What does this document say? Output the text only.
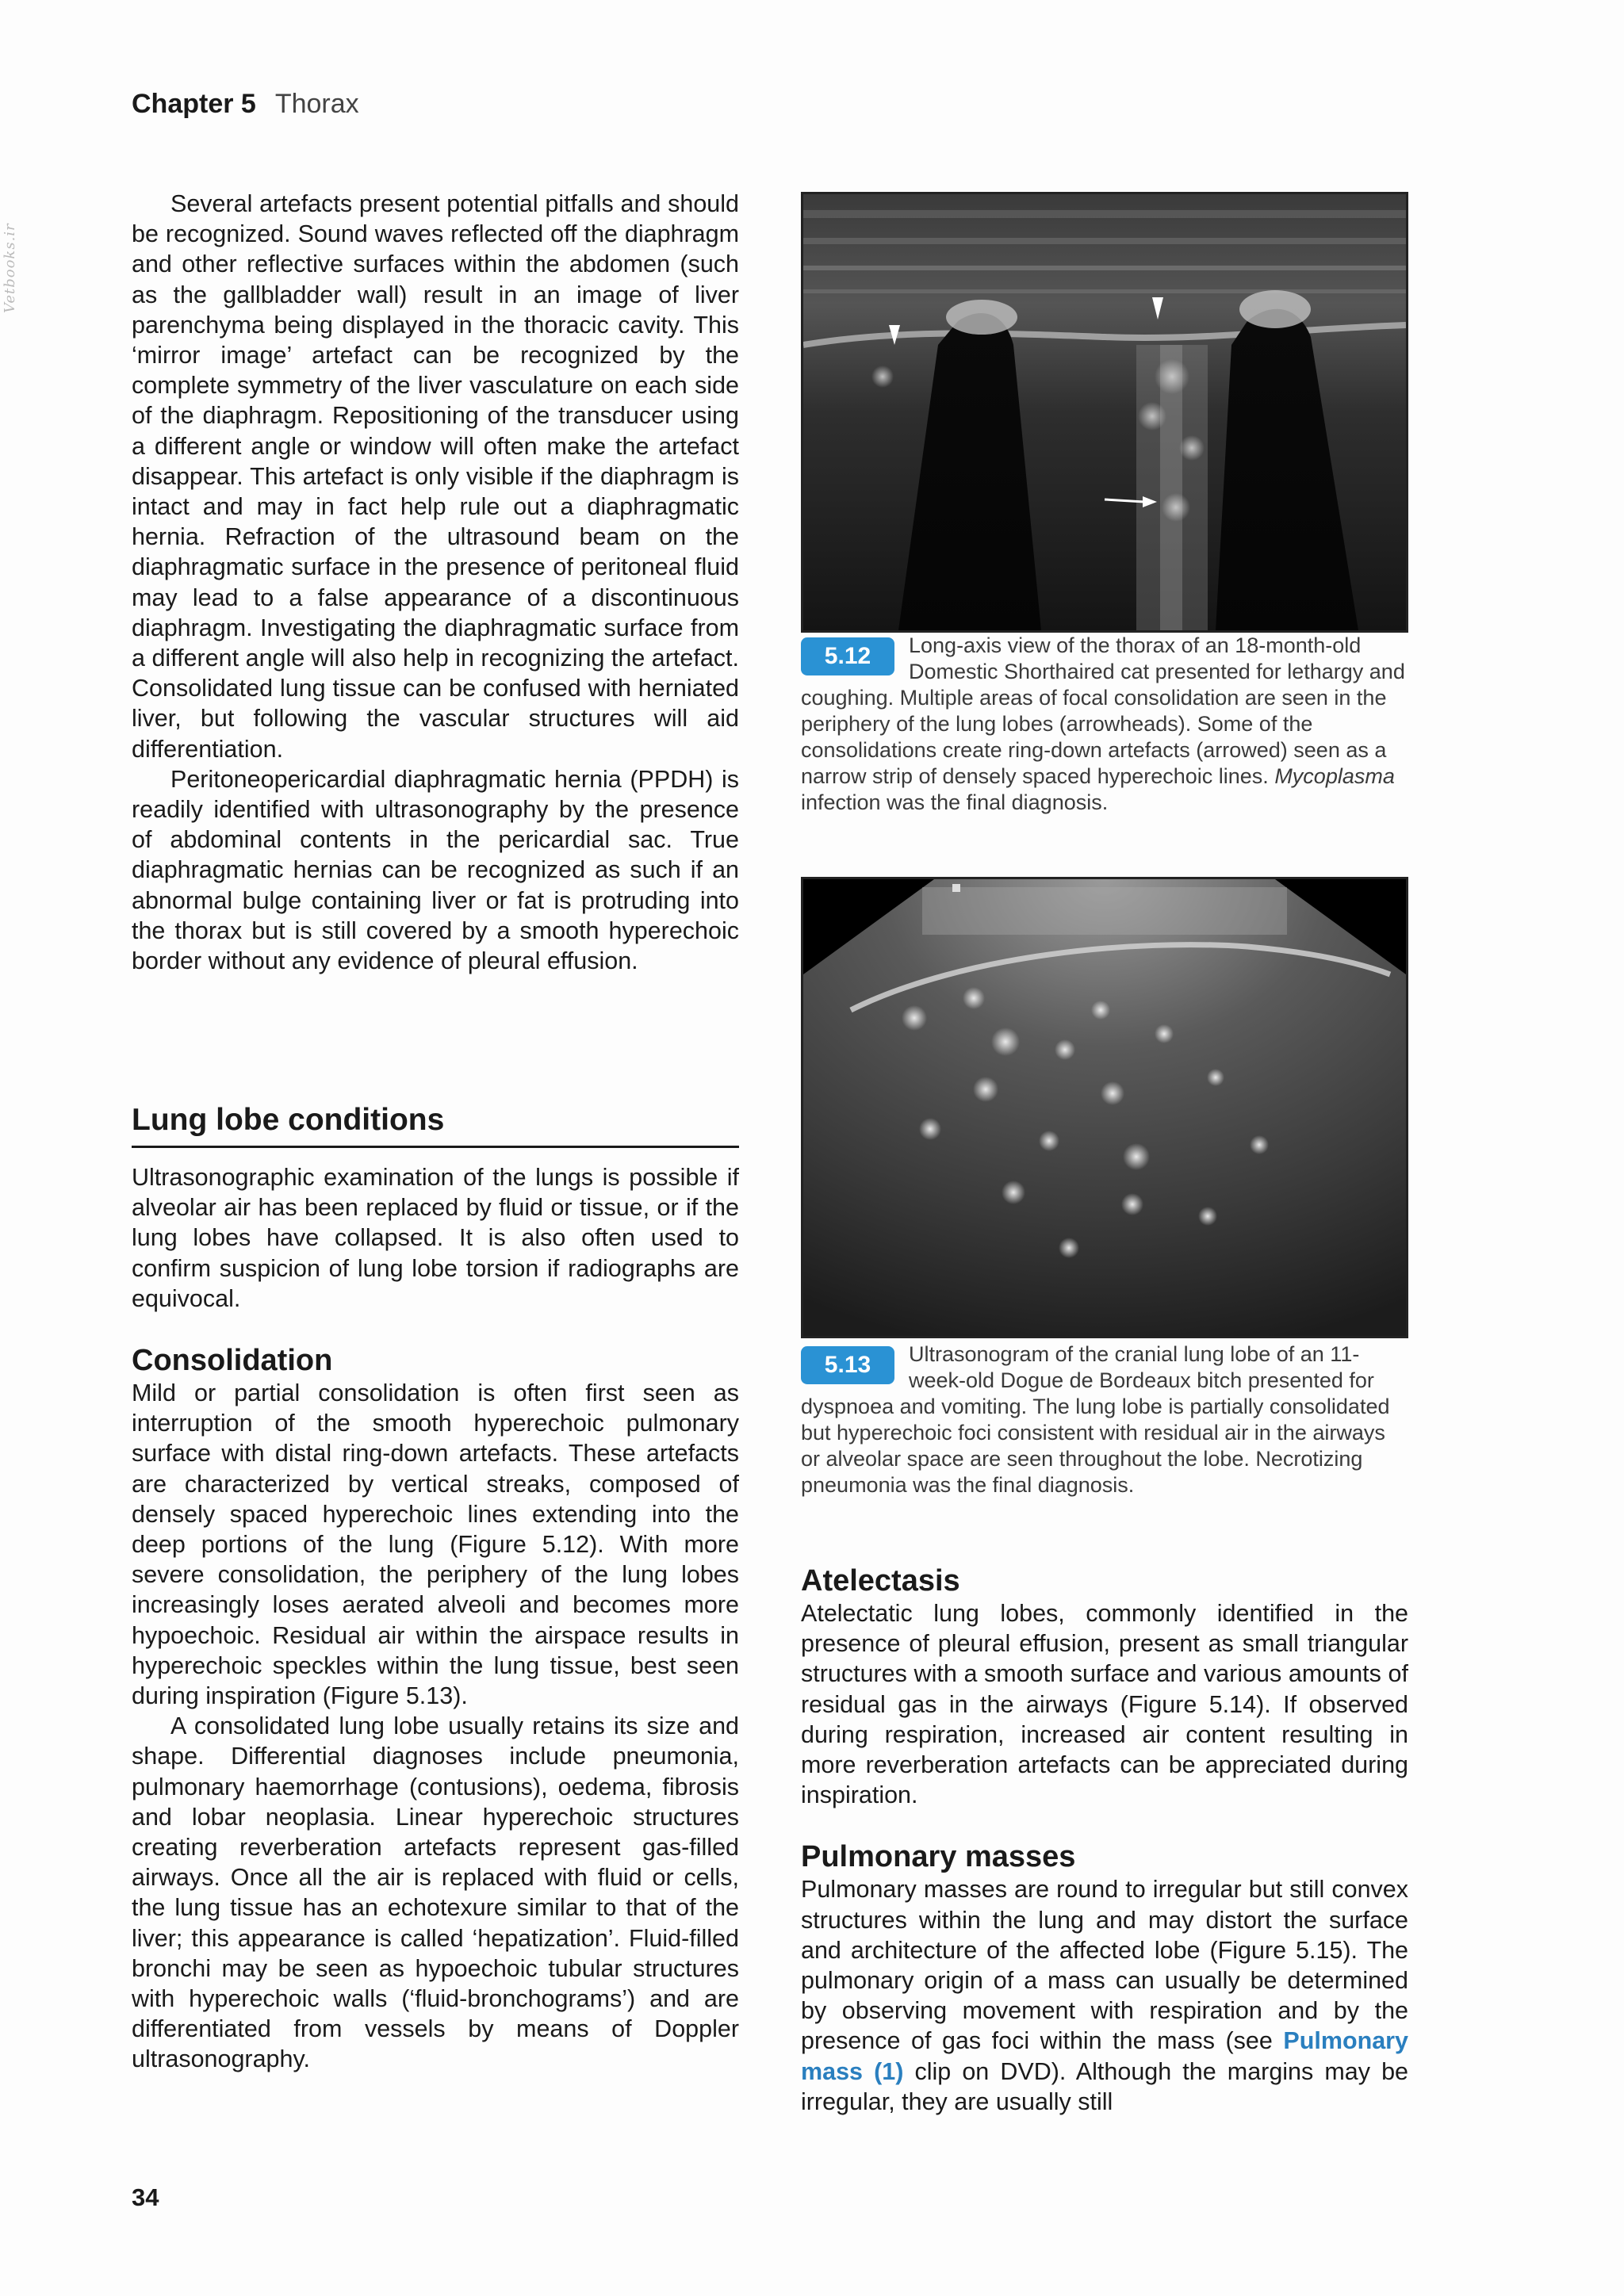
Vetbooks.ir
Chapter 5 Thorax

Several artefacts present potential pitfalls and should be recognized. Sound waves reflected off the diaphragm and other reflective surfaces within the abdomen (such as the gallbladder wall) result in an image of liver parenchyma being displayed in the thoracic cavity. This ‘mirror image’ artefact can be recognized by the complete symmetry of the liver vasculature on each side of the diaphragm. Repositioning of the transducer using a different angle or window will often make the artefact disappear. This artefact is only visible if the diaphragm is intact and may in fact help rule out a diaphragmatic hernia. Refraction of the ultrasound beam on the diaphragmatic surface in the presence of peritoneal fluid may lead to a false appearance of a discontinuous diaphragm. Investigating the diaphragmatic surface from a different angle will also help in recognizing the artefact. Consolidated lung tissue can be confused with herniated liver, but following the vascular structures will aid differentiation.

Peritoneopericardial diaphragmatic hernia (PPDH) is readily identified with ultrasonography by the presence of abdominal contents in the pericardial sac. True diaphragmatic hernias can be recognized as such if an abnormal bulge containing liver or fat is protruding into the thorax but is still covered by a smooth hyperechoic border without any evidence of pleural effusion.

Lung lobe conditions

Ultrasonographic examination of the lungs is possible if alveolar air has been replaced by fluid or tissue, or if the lung lobes have collapsed. It is also often used to confirm suspicion of lung lobe torsion if radiographs are equivocal.

Consolidation

Mild or partial consolidation is often first seen as interruption of the smooth hyperechoic pulmonary surface with distal ring-down artefacts. These artefacts are characterized by vertical streaks, composed of densely spaced hyperechoic lines extending into the deep portions of the lung (Figure 5.12). With more severe consolidation, the periphery of the lung lobes increasingly loses aerated alveoli and becomes more hypoechoic. Residual air within the airspace results in hyperechoic speckles within the lung tissue, best seen during inspiration (Figure 5.13).

A consolidated lung lobe usually retains its size and shape. Differential diagnoses include pneumonia, pulmonary haemorrhage (contusions), oedema, fibrosis and lobar neoplasia. Linear hyperechoic structures creating reverberation artefacts represent gas-filled airways. Once all the air is replaced with fluid or cells, the lung tissue has an echotexure similar to that of the liver; this appearance is called ‘hepatization’. Fluid-filled bronchi may be seen as hypoechoic tubular structures with hyperechoic walls (‘fluid-bronchograms’) and are differentiated from vessels by means of Doppler ultrasonography.

5.12	Long-axis view of the thorax of an 18-month-old Domestic Shorthaired cat presented for lethargy and coughing. Multiple areas of focal consolidation are seen in the periphery of the lung lobes (arrowheads). Some of the consolidations create ring-down artefacts (arrowed) seen as a narrow strip of densely spaced hyperechoic lines. Mycoplasma infection was the final diagnosis.
5.13	Ultrasonogram of the cranial lung lobe of an 11-week-old Dogue de Bordeaux bitch presented for dyspnoea and vomiting. The lung lobe is partially consolidated but hyperechoic foci consistent with residual air in the airways or alveolar space are seen throughout the lobe. Necrotizing pneumonia was the final diagnosis.
Atelectasis

Atelectatic lung lobes, commonly identified in the presence of pleural effusion, present as small triangular structures with a smooth surface and various amounts of residual gas in the airways (Figure 5.14). If observed during respiration, increased air content resulting in more reverberation artefacts can be appreciated during inspiration.

Pulmonary masses

Pulmonary masses are round to irregular but still convex structures within the lung and may distort the surface and architecture of the affected lobe (Figure 5.15). The pulmonary origin of a mass can usually be determined by observing movement with respiration and by the presence of gas foci within the mass (see Pulmonary mass (1) clip on DVD). Although the margins may be irregular, they are usually still

34
